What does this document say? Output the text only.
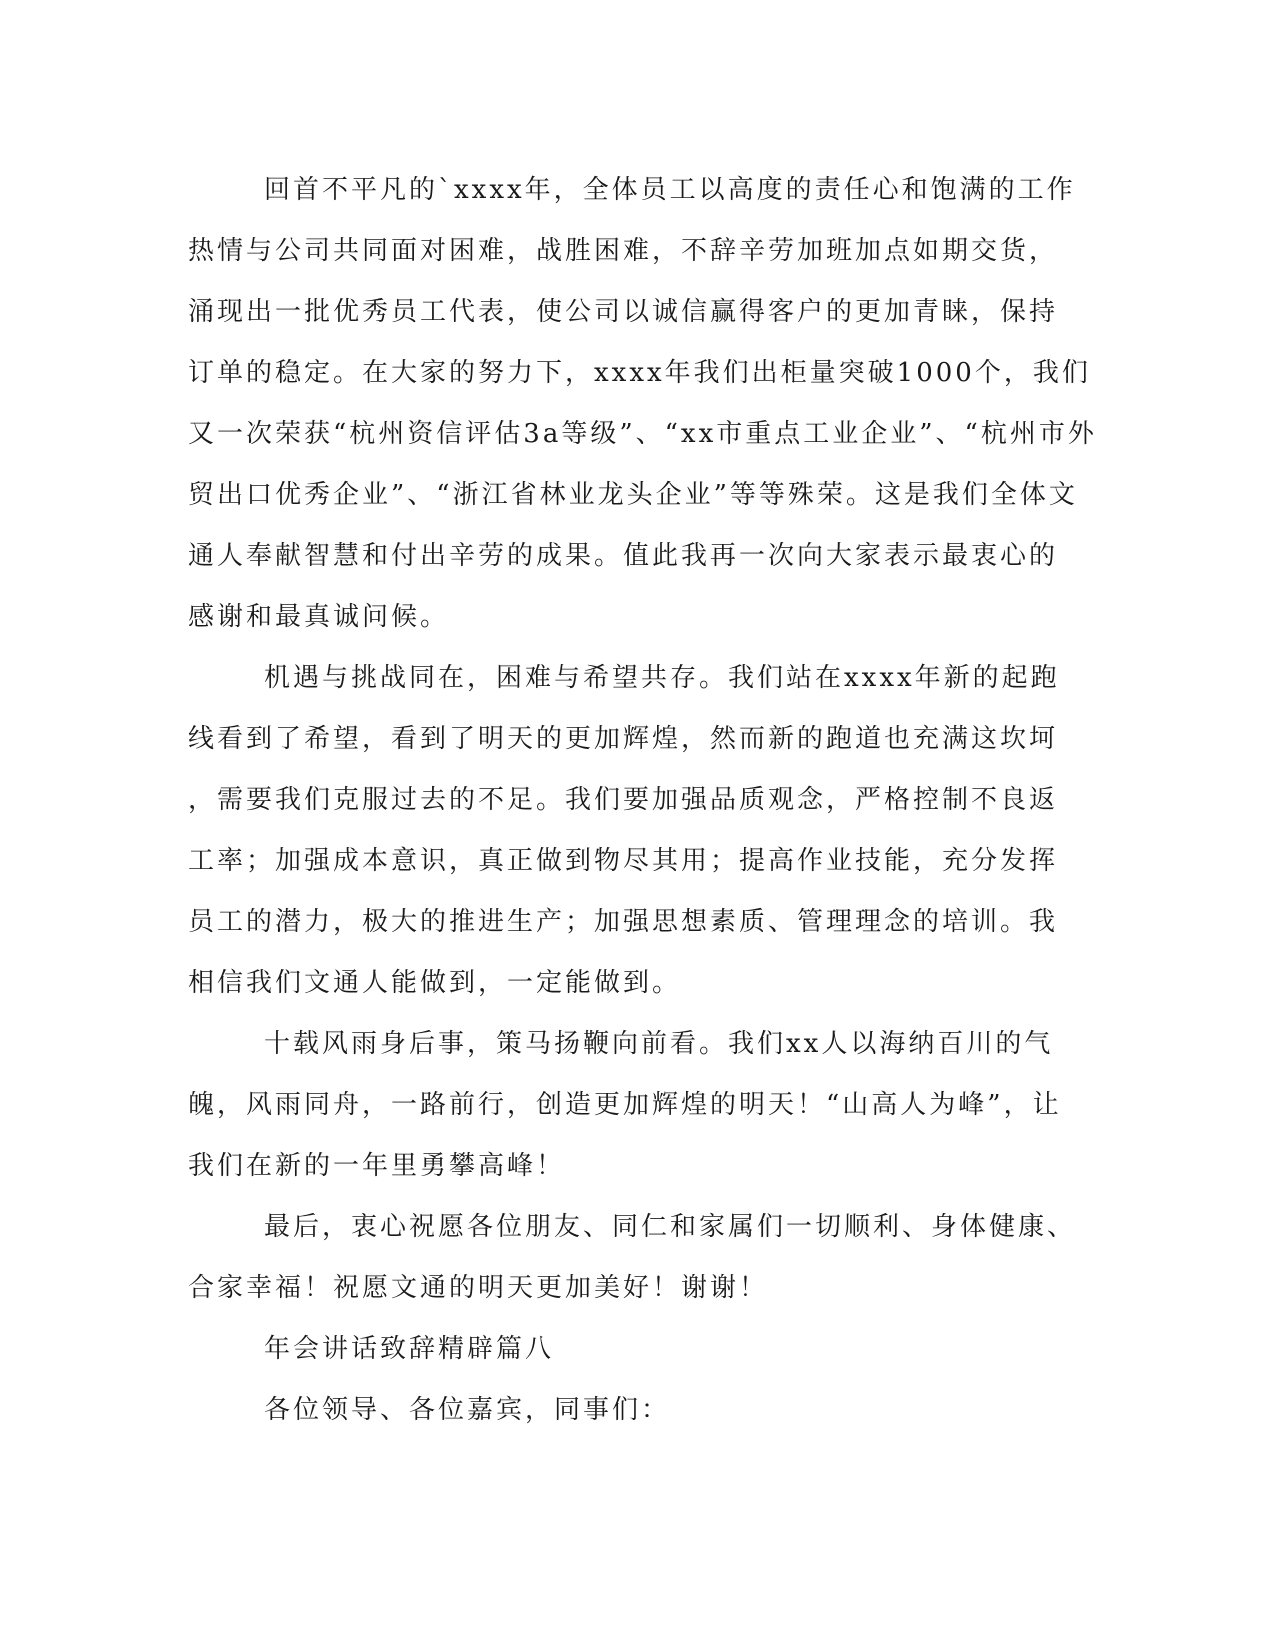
回首不平凡的`xxxx年，全体员工以高度的责任心和饱满的工作
热情与公司共同面对困难，战胜困难，不辞辛劳加班加点如期交货，
涌现出一批优秀员工代表，使公司以诚信赢得客户的更加青睐，保持
订单的稳定。在大家的努力下，xxxx年我们出柜量突破1000个，我们
又一次荣获“杭州资信评估3a等级”、“xx市重点工业企业”、“杭州市外
贸出口优秀企业”、“浙江省林业龙头企业”等等殊荣。这是我们全体文
通人奉献智慧和付出辛劳的成果。值此我再一次向大家表示最衷心的
感谢和最真诚问候。
机遇与挑战同在，困难与希望共存。我们站在xxxx年新的起跑
线看到了希望，看到了明天的更加辉煌，然而新的跑道也充满这坎坷
，需要我们克服过去的不足。我们要加强品质观念，严格控制不良返
工率；加强成本意识，真正做到物尽其用；提高作业技能，充分发挥
员工的潜力，极大的推进生产；加强思想素质、管理理念的培训。我
相信我们文通人能做到，一定能做到。
十载风雨身后事，策马扬鞭向前看。我们xx人以海纳百川的气
魄，风雨同舟，一路前行，创造更加辉煌的明天！“山高人为峰”，让
我们在新的一年里勇攀高峰！
最后，衷心祝愿各位朋友、同仁和家属们一切顺利、身体健康、
合家幸福！祝愿文通的明天更加美好！谢谢！
年会讲话致辞精辟篇八
各位领导、各位嘉宾，同事们：
